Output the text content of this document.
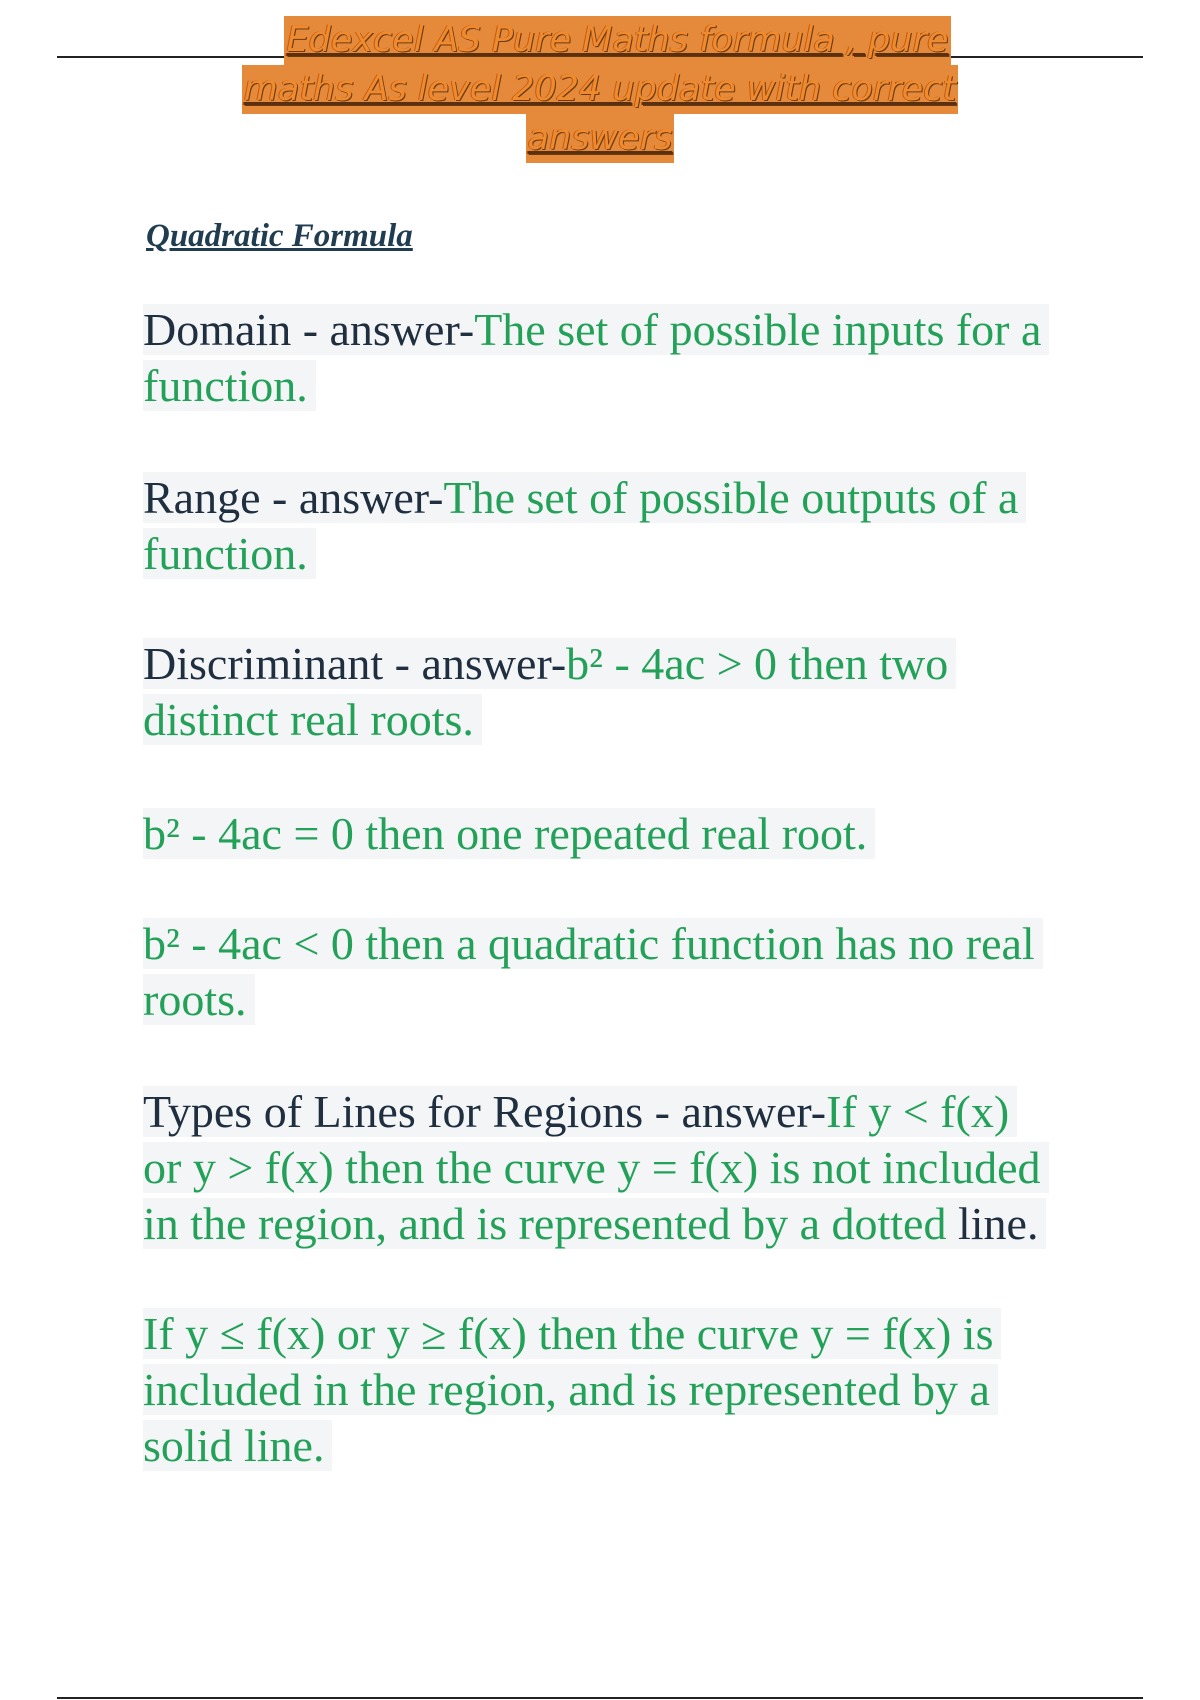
Edexcel AS Pure Maths formula , pure
maths As level 2024 update with correct
answers
Quadratic Formula
Domain - answer-The set of possible inputs for a
function.
Range - answer-The set of possible outputs of a
function.
Discriminant - answer-b² - 4ac > 0 then two
distinct real roots.
b² - 4ac = 0 then one repeated real root.
b² - 4ac < 0 then a quadratic function has no real
roots.
Types of Lines for Regions - answer-If y < f(x)
or y > f(x) then the curve y = f(x) is not included
in the region, and is represented by a dotted line.
If y ≤ f(x) or y ≥ f(x) then the curve y = f(x) is
included in the region, and is represented by a
solid line.
